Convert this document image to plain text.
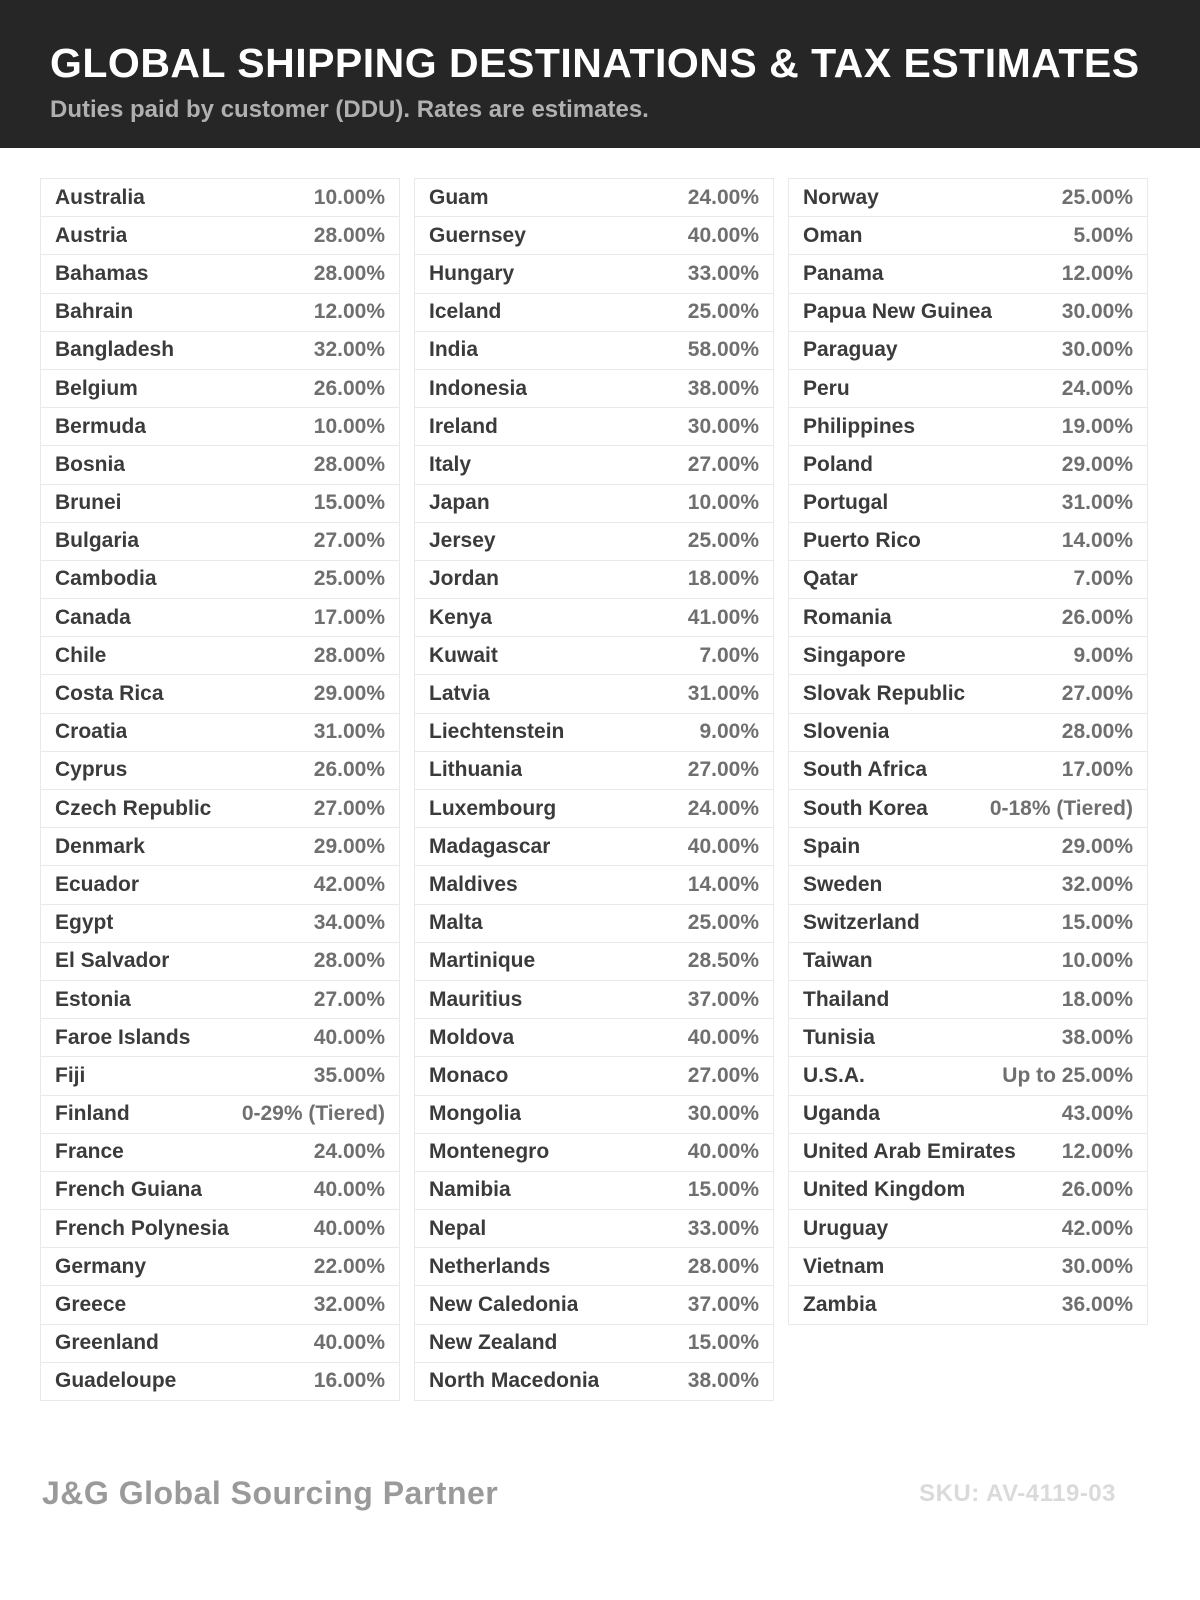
GLOBAL SHIPPING DESTINATIONS & TAX ESTIMATES
Duties paid by customer (DDU). Rates are estimates.
Australia	10.00%
Austria	28.00%
Bahamas	28.00%
Bahrain	12.00%
Bangladesh	32.00%
Belgium	26.00%
Bermuda	10.00%
Bosnia	28.00%
Brunei	15.00%
Bulgaria	27.00%
Cambodia	25.00%
Canada	17.00%
Chile	28.00%
Costa Rica	29.00%
Croatia	31.00%
Cyprus	26.00%
Czech Republic	27.00%
Denmark	29.00%
Ecuador	42.00%
Egypt	34.00%
El Salvador	28.00%
Estonia	27.00%
Faroe Islands	40.00%
Fiji	35.00%
Finland	0-29% (Tiered)
France	24.00%
French Guiana	40.00%
French Polynesia	40.00%
Germany	22.00%
Greece	32.00%
Greenland	40.00%
Guadeloupe	16.00%
Guam	24.00%
Guernsey	40.00%
Hungary	33.00%
Iceland	25.00%
India	58.00%
Indonesia	38.00%
Ireland	30.00%
Italy	27.00%
Japan	10.00%
Jersey	25.00%
Jordan	18.00%
Kenya	41.00%
Kuwait	7.00%
Latvia	31.00%
Liechtenstein	9.00%
Lithuania	27.00%
Luxembourg	24.00%
Madagascar	40.00%
Maldives	14.00%
Malta	25.00%
Martinique	28.50%
Mauritius	37.00%
Moldova	40.00%
Monaco	27.00%
Mongolia	30.00%
Montenegro	40.00%
Namibia	15.00%
Nepal	33.00%
Netherlands	28.00%
New Caledonia	37.00%
New Zealand	15.00%
North Macedonia	38.00%
Norway	25.00%
Oman	5.00%
Panama	12.00%
Papua New Guinea	30.00%
Paraguay	30.00%
Peru	24.00%
Philippines	19.00%
Poland	29.00%
Portugal	31.00%
Puerto Rico	14.00%
Qatar	7.00%
Romania	26.00%
Singapore	9.00%
Slovak Republic	27.00%
Slovenia	28.00%
South Africa	17.00%
South Korea	0-18% (Tiered)
Spain	29.00%
Sweden	32.00%
Switzerland	15.00%
Taiwan	10.00%
Thailand	18.00%
Tunisia	38.00%
U.S.A.	Up to 25.00%
Uganda	43.00%
United Arab Emirates 12.00%
United Kingdom	26.00%
Uruguay	42.00%
Vietnam	30.00%
Zambia	36.00%
J&G Global Sourcing Partner	SKU: AV-4119-03
